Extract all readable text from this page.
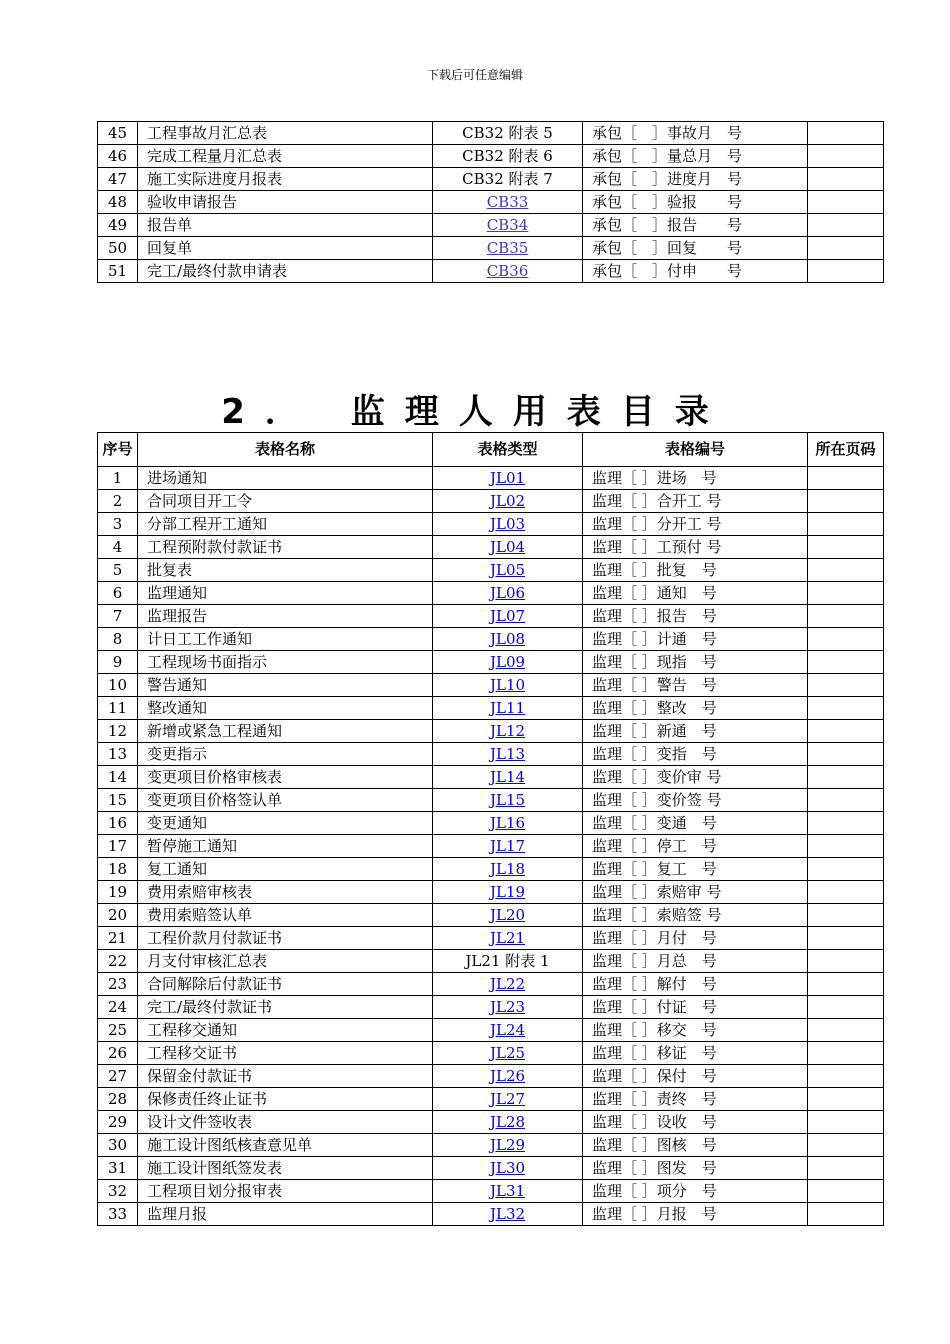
下载后可任意编辑
45	工程事故月汇总表	CB32 附表 5	承包［　］事故月　号	
46	完成工程量月汇总表	CB32 附表 6	承包［　］量总月　号	
47	施工实际进度月报表	CB32 附表 7	承包［　］进度月　号	
48	验收申请报告	CB33	承包［　］验报　　号	
49	报告单	CB34	承包［　］报告　　号	
50	回复单	CB35	承包［　］回复　　号	
51	完工/最终付款申请表	CB36	承包［　］付申　　号	
2． 监理人用表目录
序号	表格名称	表格类型	表格编号	所在页码
1	进场通知	JL01	监理［ ］进场　号	
2	合同项目开工令	JL02	监理［ ］合开工 号	
3	分部工程开工通知	JL03	监理［ ］分开工 号	
4	工程预附款付款证书	JL04	监理［ ］工预付 号	
5	批复表	JL05	监理［ ］批复　号	
6	监理通知	JL06	监理［ ］通知　号	
7	监理报告	JL07	监理［ ］报告　号	
8	计日工工作通知	JL08	监理［ ］计通　号	
9	工程现场书面指示	JL09	监理［ ］现指　号	
10	警告通知	JL10	监理［ ］警告　号	
11	整改通知	JL11	监理［ ］整改　号	
12	新增或紧急工程通知	JL12	监理［ ］新通　号	
13	变更指示	JL13	监理［ ］变指　号	
14	变更项目价格审核表	JL14	监理［ ］变价审 号	
15	变更项目价格签认单	JL15	监理［ ］变价签 号	
16	变更通知	JL16	监理［ ］变通　号	
17	暂停施工通知	JL17	监理［ ］停工　号	
18	复工通知	JL18	监理［ ］复工　号	
19	费用索赔审核表	JL19	监理［ ］索赔审 号	
20	费用索赔签认单	JL20	监理［ ］索赔签 号	
21	工程价款月付款证书	JL21	监理［ ］月付　号	
22	月支付审核汇总表	JL21 附表 1	监理［ ］月总　号	
23	合同解除后付款证书	JL22	监理［ ］解付　号	
24	完工/最终付款证书	JL23	监理［ ］付证　号	
25	工程移交通知	JL24	监理［ ］移交　号	
26	工程移交证书	JL25	监理［ ］移证　号	
27	保留金付款证书	JL26	监理［ ］保付　号	
28	保修责任终止证书	JL27	监理［ ］责终　号	
29	设计文件签收表	JL28	监理［ ］设收　号	
30	施工设计图纸核查意见单	JL29	监理［ ］图核　号	
31	施工设计图纸签发表	JL30	监理［ ］图发　号	
32	工程项目划分报审表	JL31	监理［ ］项分　号	
33	监理月报	JL32	监理［ ］月报　号	
